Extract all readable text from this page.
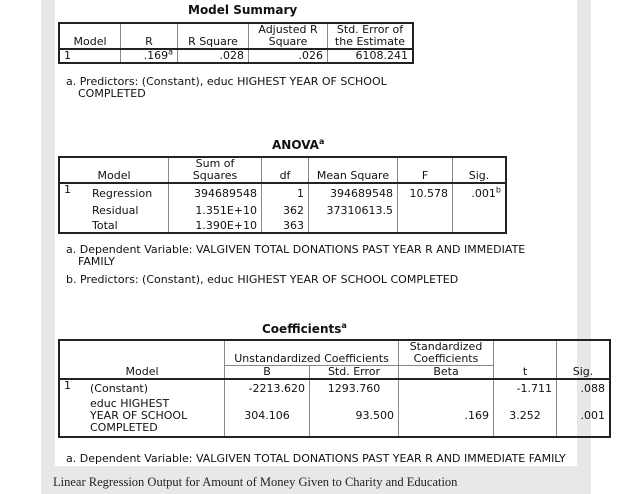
Linear Regression Output for Amount of Money Given to Charity and Education
Model Summary
			Adjusted R	Std. Error of
Model	R	R Square	Square	the Estimate
1	.169$^a$	.028	.026	6108.241
a. Predictors: (Constant), educ HIGHEST YEAR OF SCHOOL
COMPLETED
ANOVA$^a$
		Sum of				
Model		Squares	df	Mean Square	F	Sig.
1	Regression	394689548	1	394689548	10.578	.001$^b$
	Residual	1.351E+10	362	37310613.5		
	Total	1.390E+10	363			
a. Dependent Variable: VALGIVEN TOTAL DONATIONS PAST YEAR R AND IMMEDIATE
FAMILY
b. Predictors: (Constant), educ HIGHEST YEAR OF SCHOOL COMPLETED
Coefficients$^a$
		Unstandardized Coefficients		Standardized
Coefficients		

Model		B	Std. Error	Beta	t	Sig.
1	(Constant)	-2213.620	1293.760		-1.711	.088

	educ HIGHEST
YEAR OF SCHOOL
COMPLETED	304.106	93.500	.169	3.252	.001
a. Dependent Variable: VALGIVEN TOTAL DONATIONS PAST YEAR R AND IMMEDIATE FAMILY
